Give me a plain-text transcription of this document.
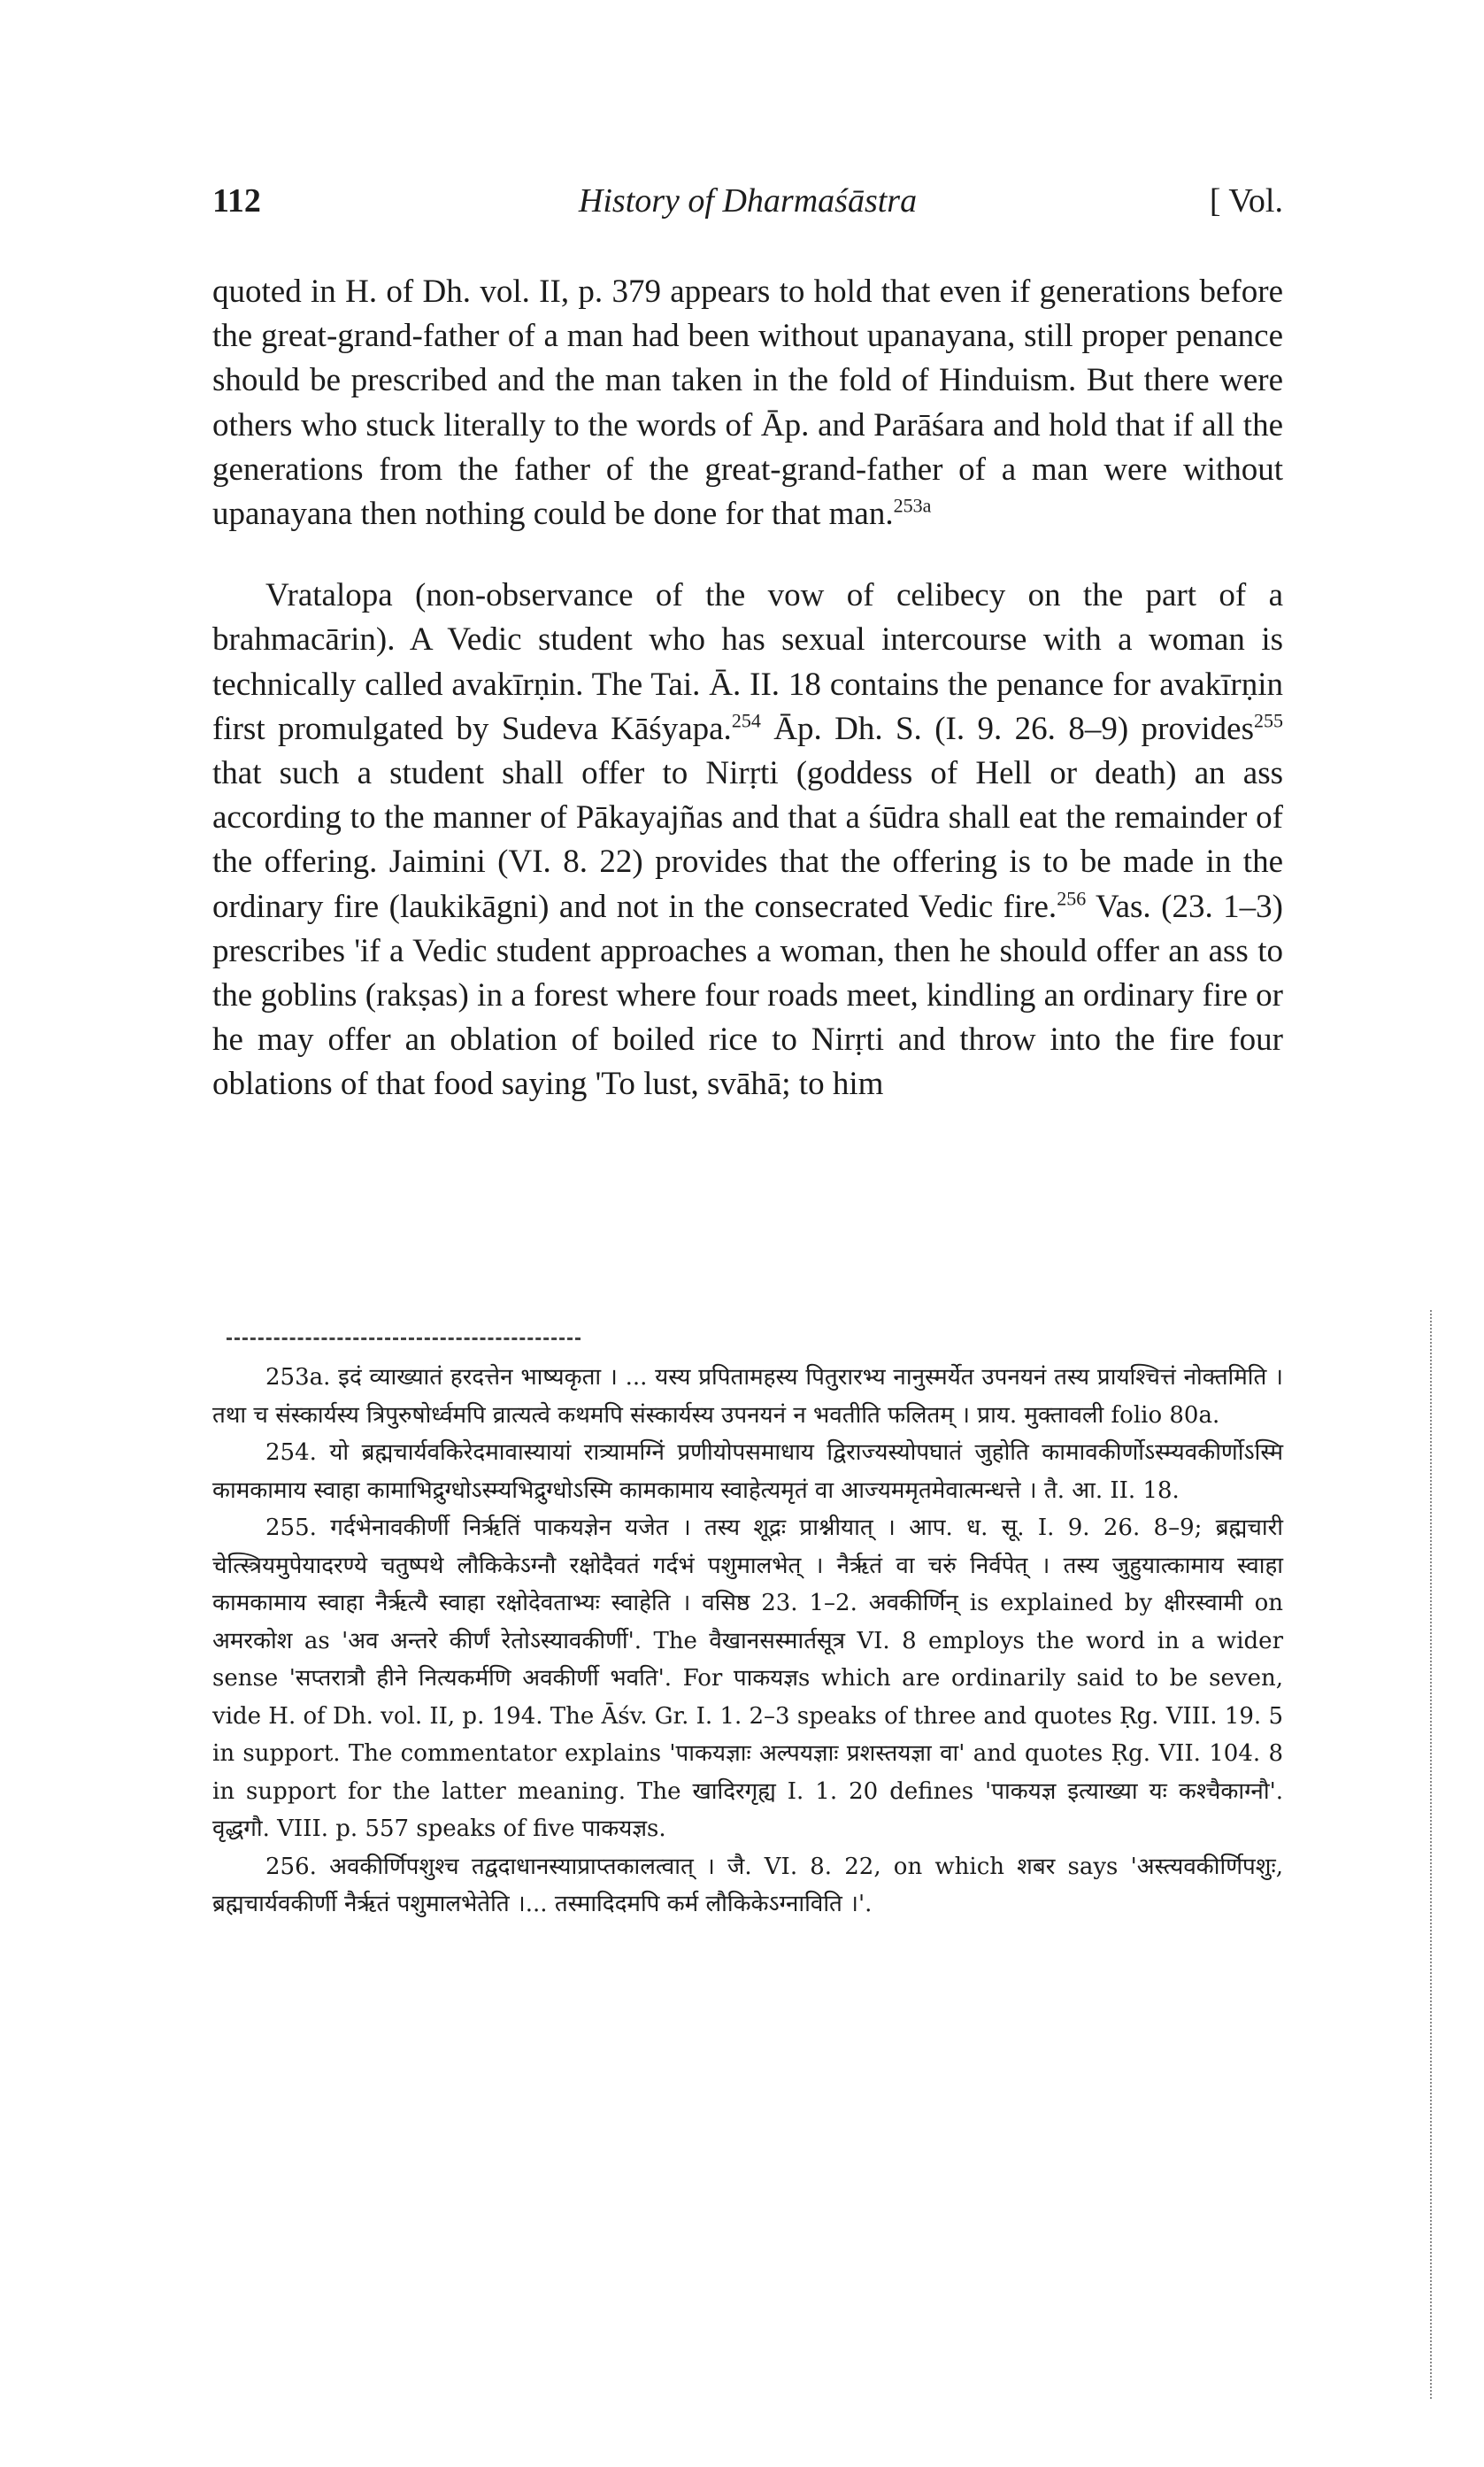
History of Dharmaśāstra
112	[ Vol.

quoted in H. of Dh. vol. II, p. 379 appears to hold that even if generations before the great-grand-father of a man had been without upanayana, still proper penance should be prescribed and the man taken in the fold of Hinduism. But there were others who stuck literally to the words of Āp. and Parāśara and hold that if all the generations from the father of the great-grand-father of a man were without upanayana then nothing could be done for that man.$^{253a}$

Vratalopa (non-observance of the vow of celibecy on the part of a brahmacārin). A Vedic student who has sexual intercourse with a woman is technically called avakīrṇin. The Tai. Ā. II. 18 contains the penance for avakīrṇin first promulgated by Sudeva Kāśyapa.$^{254}$ Āp. Dh. S. (I. 9. 26. 8–9) provides$^{255}$ that such a student shall offer to Nirṛti (goddess of Hell or death) an ass according to the manner of Pākayajñas and that a śūdra shall eat the remainder of the offering. Jaimini (VI. 8. 22) provides that the offering is to be made in the ordinary fire (laukikāgni) and not in the consecrated Vedic fire.$^{256}$ Vas. (23. 1–3) prescribes 'if a Vedic student approaches a woman, then he should offer an ass to the goblins (rakṣas) in a forest where four roads meet, kindling an ordinary fire or he may offer an oblation of boiled rice to Nirṛti and throw into the fire four oblations of that food saying 'To lust, svāhā; to him

253a. इदं व्याख्यातं हरदत्तेन भाष्यकृता । ... यस्य प्रपितामहस्य पितुरारभ्य नानुस्मर्येत उपनयनं तस्य प्रायश्चित्तं नोक्तमिति । तथा च संस्कार्यस्य त्रिपुरुषोर्ध्वमपि व्रात्यत्वे कथमपि संस्कार्यस्य उपनयनं न भवतीति फलितम् । प्राय. मुक्तावली folio 80a.

254. यो ब्रह्मचार्यवकिरेदमावास्यायां रात्र्यामग्निं प्रणीयोपसमाधाय द्विराज्यस्योपघातं जुहोति कामावकीर्णोऽस्म्यवकीर्णोऽस्मि कामकामाय स्वाहा कामाभिद्रुग्धोऽस्म्यभिद्रुग्धोऽस्मि कामकामाय स्वाहेत्यमृतं वा आज्यममृतमेवात्मन्धत्ते । तै. आ. II. 18.

255. गर्दभेनावकीर्णी निर्ऋतिं पाकयज्ञेन यजेत । तस्य शूद्रः प्राश्नीयात् । आप. ध. सू. I. 9. 26. 8–9; ब्रह्मचारी चेत्स्त्रियमुपेयादरण्ये चतुष्पथे लौकिकेऽग्नौ रक्षोदैवतं गर्दभं पशुमालभेत् । नैर्ऋतं वा चरुं निर्वपेत् । तस्य जुहुयात्कामाय स्वाहा कामकामाय स्वाहा नैर्ऋत्यै स्वाहा रक्षोदेवताभ्यः स्वाहेति । वसिष्ठ 23. 1–2. अवकीर्णिन् is explained by क्षीरस्वामी on अमरकोश as 'अव अन्तरे कीर्णं रेतोऽस्यावकीर्णी'. The वैखानसस्मार्तसूत्र VI. 8 employs the word in a wider sense 'सप्तरात्रौ हीने नित्यकर्मणि अवकीर्णी भवति'. For पाकयज्ञs which are ordinarily said to be seven, vide H. of Dh. vol. II, p. 194. The Āśv. Gr. I. 1. 2–3 speaks of three and quotes Ṛg. VIII. 19. 5 in support. The commentator explains 'पाकयज्ञाः अल्पयज्ञाः प्रशस्तयज्ञा वा' and quotes Ṛg. VII. 104. 8 in support for the latter meaning. The खादिरगृह्य I. 1. 20 defines 'पाकयज्ञ इत्याख्या यः कश्चैकाग्नौ'. वृद्धगौ. VIII. p. 557 speaks of five पाकयज्ञs.

256. अवकीर्णिपशुश्च तद्वदाधानस्याप्राप्तकालत्वात् । जै. VI. 8. 22, on which शबर says 'अस्त्यवकीर्णिपशुः, ब्रह्मचार्यवकीर्णी नैर्ऋतं पशुमालभेतेति ।... तस्मादिदमपि कर्म लौकिकेऽग्नाविति ।'.
